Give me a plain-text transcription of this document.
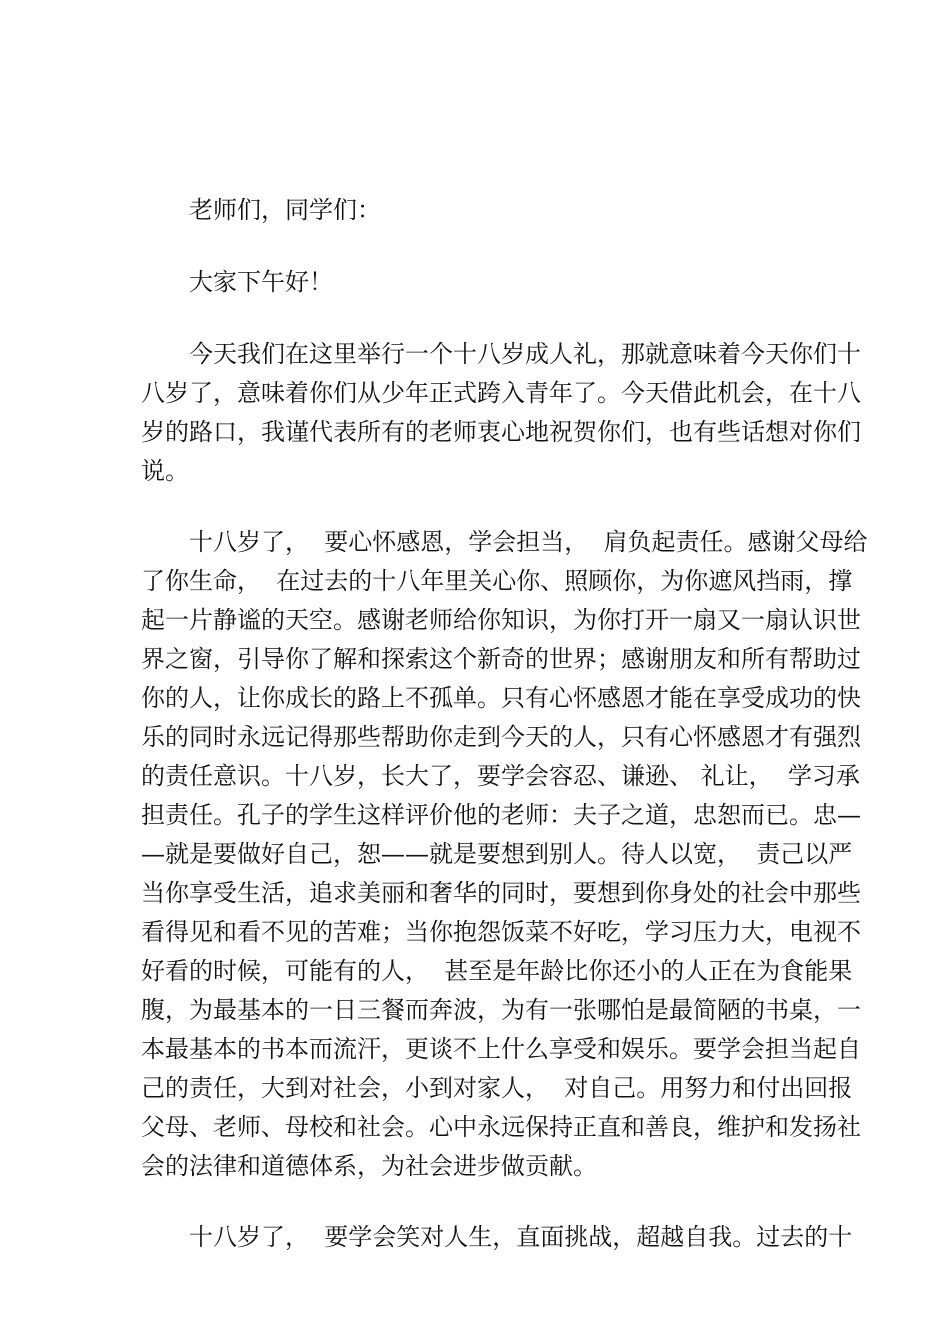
老师们，同学们：
大家下午好！
今天我们在这里举行一个十八岁成人礼，那就意味着今天你们十
八岁了，意味着你们从少年正式跨入青年了。今天借此机会，在十八
岁的路口，我谨代表所有的老师衷心地祝贺你们，也有些话想对你们
说。
十八岁了，  要心怀感恩，学会担当，  肩负起责任。感谢父母给
了你生命，  在过去的十八年里关心你、照顾你，为你遮风挡雨，撑
起一片静谧的天空。感谢老师给你知识，为你打开一扇又一扇认识世
界之窗，引导你了解和探索这个新奇的世界；感谢朋友和所有帮助过
你的人，让你成长的路上不孤单。只有心怀感恩才能在享受成功的快
乐的同时永远记得那些帮助你走到今天的人，只有心怀感恩才有强烈
的责任意识。十八岁，长大了，要学会容忍、谦逊、 礼让，  学习承
担责任。孔子的学生这样评价他的老师：夫子之道，忠恕而已。忠—
—就是要做好自己，恕——就是要想到别人。待人以宽，  责己以严
当你享受生活，追求美丽和奢华的同时，要想到你身处的社会中那些
看得见和看不见的苦难；当你抱怨饭菜不好吃，学习压力大，电视不
好看的时候，可能有的人，  甚至是年龄比你还小的人正在为食能果
腹，为最基本的一日三餐而奔波，为有一张哪怕是最简陋的书桌，一
本最基本的书本而流汗，更谈不上什么享受和娱乐。要学会担当起自
己的责任，大到对社会，小到对家人，  对自己。用努力和付出回报
父母、老师、母校和社会。心中永远保持正直和善良，维护和发扬社
会的法律和道德体系，为社会进步做贡献。
十八岁了，  要学会笑对人生，直面挑战，超越自我。过去的十
